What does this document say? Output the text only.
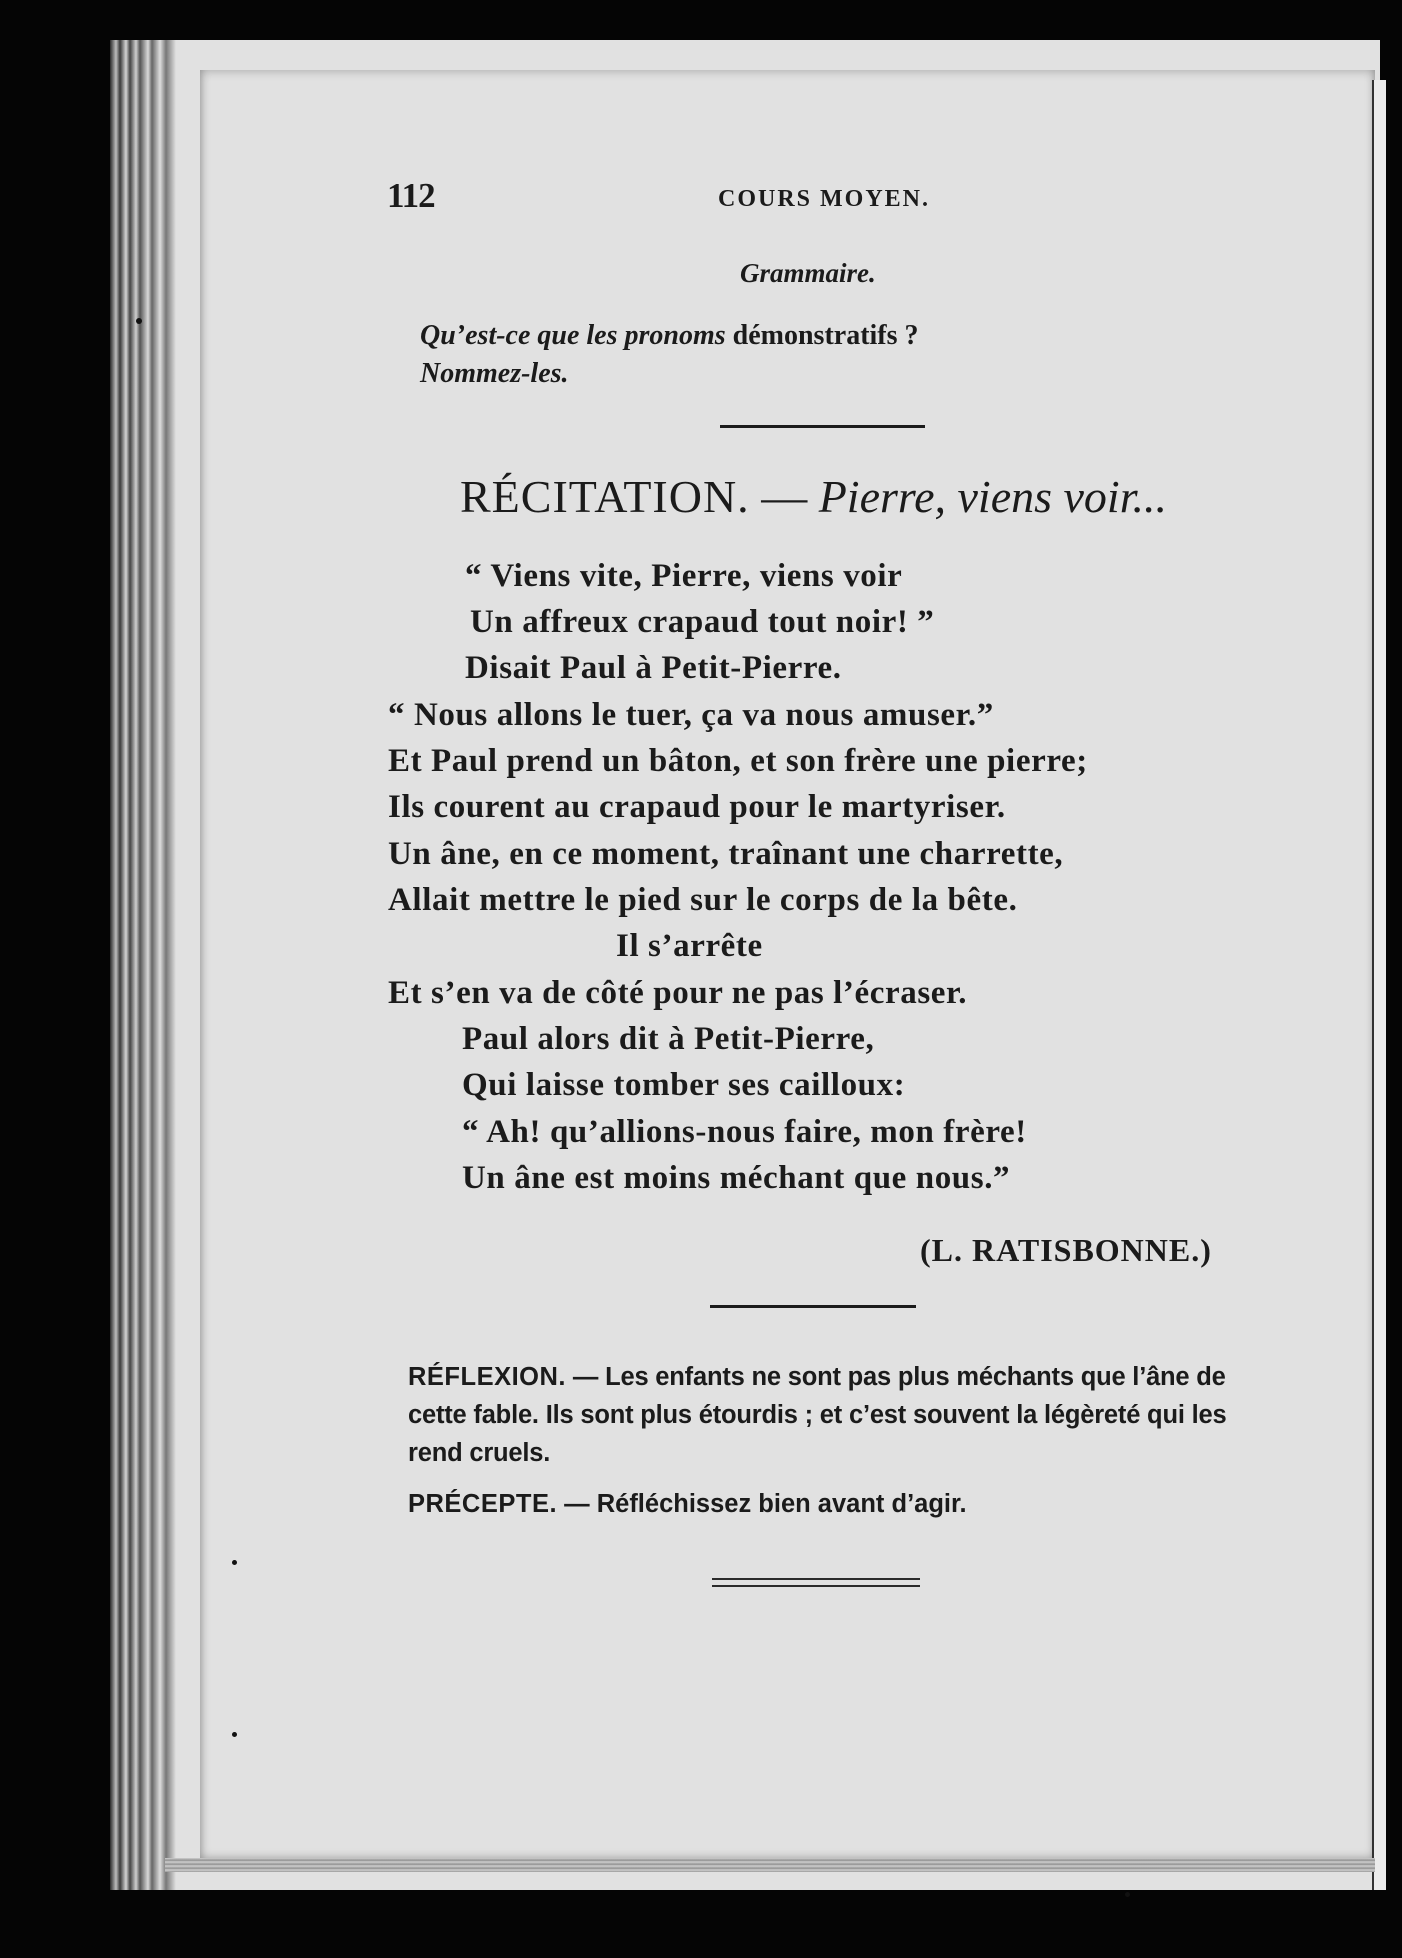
112	COURS MOYEN.
Grammaire.
Qu’est-ce que les pronoms démonstratifs ?
Nommez-les.
RÉCITATION. — Pierre, viens voir...
“ Viens vite, Pierre, viens voir
Un affreux crapaud tout noir! ”
Disait Paul à Petit-Pierre.
“ Nous allons le tuer, ça va nous amuser.”
Et Paul prend un bâton, et son frère une pierre;
Ils courent au crapaud pour le martyriser.
Un âne, en ce moment, traînant une charrette,
Allait mettre le pied sur le corps de la bête.
Il s’arrête
Et s’en va de côté pour ne pas l’écraser.
Paul alors dit à Petit-Pierre,
Qui laisse tomber ses cailloux:
“ Ah! qu’allions-nous faire, mon frère!
Un âne est moins méchant que nous.”
(L. RATISBONNE.)
RÉFLEXION. — Les enfants ne sont pas plus méchants que l’âne de cette fable. Ils sont plus étourdis ; et c’est souvent la légèreté qui les rend cruels.
PRÉCEPTE. — Réfléchissez bien avant d’agir.
